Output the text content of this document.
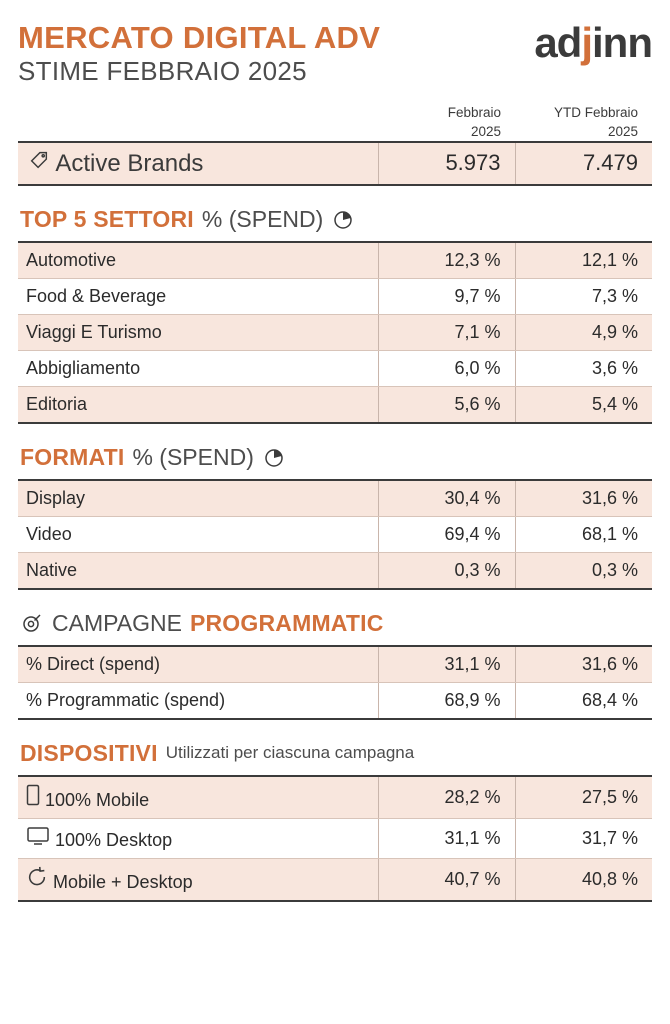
MERCATO DIGITAL ADV
STIME FEBBRAIO 2025
adjinn
Febbraio
2025
YTD Febbraio
2025
Active Brands	5.973	7.479
TOP 5 SETTORI % (SPEND)
Automotive	12,3 %	12,1 %
Food & Beverage	9,7 %	7,3 %
Viaggi E Turismo	7,1 %	4,9 %
Abbigliamento	6,0 %	3,6 %
Editoria	5,6 %	5,4 %
FORMATI % (SPEND)
Display	30,4 %	31,6 %
Video	69,4 %	68,1 %
Native	0,3 %	0,3 %
CAMPAGNE PROGRAMMATIC
% Direct (spend)	31,1 %	31,6 %
% Programmatic (spend)	68,9 %	68,4 %
DISPOSITIVI Utilizzati per ciascuna campagna
100% Mobile	28,2 %	27,5 %

100% Desktop	31,1 %	31,7 %

Mobile + Desktop	40,7 %	40,8 %
